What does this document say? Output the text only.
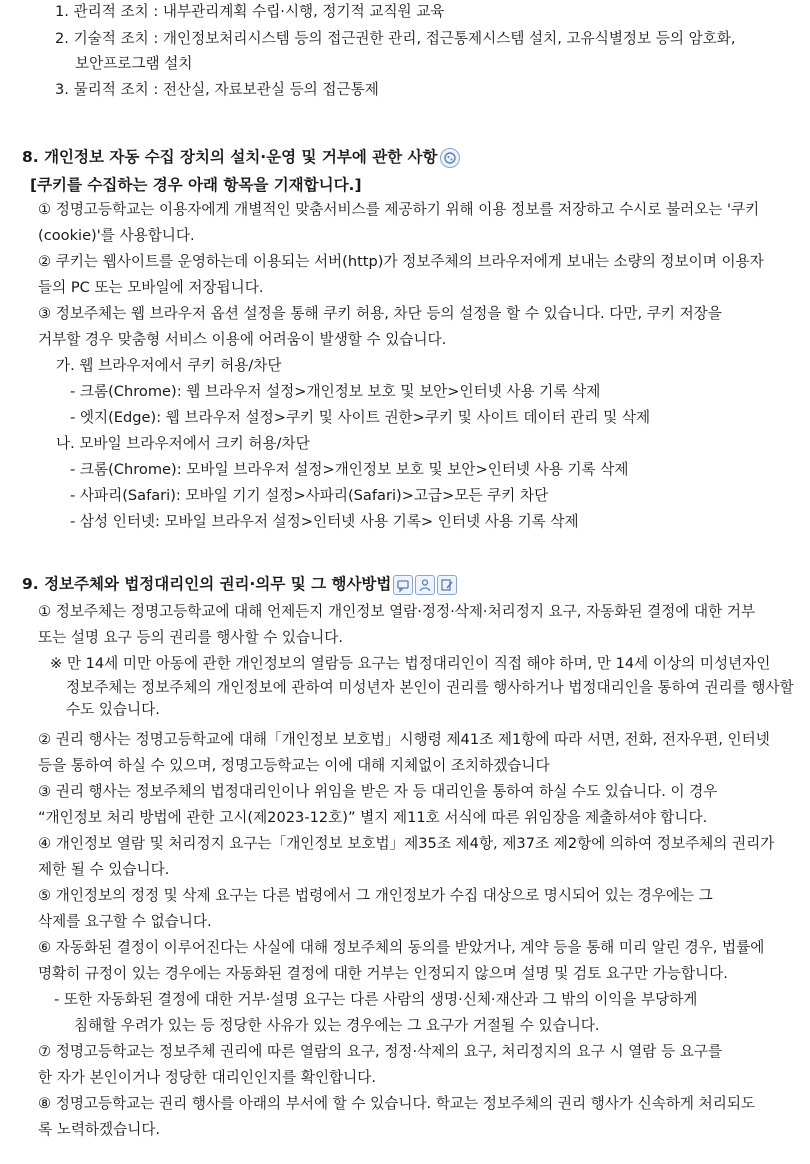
1. 관리적 조치 : 내부관리계획 수립·시행, 정기적 교직원 교육
2. 기술적 조치 : 개인정보처리시스템 등의 접근권한 관리, 접근통제시스템 설치, 고유식별정보 등의 암호화,
보안프로그램 설치
3. 물리적 조치 : 전산실, 자료보관실 등의 접근통제
[쿠키를 수집하는 경우 아래 항목을 기재합니다.]
① 정명고등학교는 이용자에게 개별적인 맞춤서비스를 제공하기 위해 이용 정보를 저장하고 수시로 불러오는 '쿠키
(cookie)'를 사용합니다.
② 쿠키는 웹사이트를 운영하는데 이용되는 서버(http)가 정보주체의 브라우저에게 보내는 소량의 정보이며 이용자
들의 PC 또는 모바일에 저장됩니다.
③ 정보주체는 웹 브라우저 옵션 설정을 통해 쿠키 허용, 차단 등의 설정을 할 수 있습니다. 다만, 쿠키 저장을
거부할 경우 맞춤형 서비스 이용에 어려움이 발생할 수 있습니다.
가. 웹 브라우저에서 쿠키 허용/차단
- 크롬(Chrome): 웹 브라우저 설정>개인정보 보호 및 보안>인터넷 사용 기록 삭제
- 엣지(Edge): 웹 브라우저 설정>쿠키 및 사이트 권한>쿠키 및 사이트 데이터 관리 및 삭제
나. 모바일 브라우저에서 크키 허용/차단
- 크롬(Chrome): 모바일 브라우저 설정>개인정보 보호 및 보안>인터넷 사용 기록 삭제
- 사파리(Safari): 모바일 기기 설정>사파리(Safari)>고급>모든 쿠키 차단
- 삼성 인터넷: 모바일 브라우저 설정>인터넷 사용 기록> 인터넷 사용 기록 삭제
① 정보주체는 정명고등학교에 대해 언제든지 개인정보 열람·정정·삭제·처리정지 요구, 자동화된 결정에 대한 거부
또는 설명 요구 등의 권리를 행사할 수 있습니다.
※ 만 14세 미만 아동에 관한 개인정보의 열람등 요구는 법정대리인이 직접 해야 하며, 만 14세 이상의 미성년자인
정보주체는 정보주체의 개인정보에 관하여 미성년자 본인이 권리를 행사하거나 법정대리인을 통하여 권리를 행사할
수도 있습니다.
② 권리 행사는 정명고등학교에 대해「개인정보 보호법」시행령 제41조 제1항에 따라 서면, 전화, 전자우편, 인터넷
등을 통하여 하실 수 있으며, 정명고등학교는 이에 대해 지체없이 조치하겠습니다
③ 권리 행사는 정보주체의 법정대리인이나 위임을 받은 자 등 대리인을 통하여 하실 수도 있습니다. 이 경우
“개인정보 처리 방법에 관한 고시(제2023-12호)” 별지 제11호 서식에 따른 위임장을 제출하셔야 합니다.
④ 개인정보 열람 및 처리정지 요구는「개인정보 보호법」제35조 제4항, 제37조 제2항에 의하여 정보주체의 권리가
제한 될 수 있습니다.
⑤ 개인정보의 정정 및 삭제 요구는 다른 법령에서 그 개인정보가 수집 대상으로 명시되어 있는 경우에는 그
삭제를 요구할 수 없습니다.
⑥ 자동화된 결정이 이루어진다는 사실에 대해 정보주체의 동의를 받았거나, 계약 등을 통해 미리 알린 경우, 법률에
명확히 규정이 있는 경우에는 자동화된 결정에 대한 거부는 인정되지 않으며 설명 및 검토 요구만 가능합니다.
- 또한 자동화된 결정에 대한 거부·설명 요구는 다른 사람의 생명·신체·재산과 그 밖의 이익을 부당하게
침해할 우려가 있는 등 정당한 사유가 있는 경우에는 그 요구가 거절될 수 있습니다.
⑦ 정명고등학교는 정보주체 권리에 따른 열람의 요구, 정정·삭제의 요구, 처리정지의 요구 시 열람 등 요구를
한 자가 본인이거나 정당한 대리인인지를 확인합니다.
⑧ 정명고등학교는 권리 행사를 아래의 부서에 할 수 있습니다. 학교는 정보주체의 권리 행사가 신속하게 처리되도
록 노력하겠습니다.
8. 개인정보 자동 수집 장치의 설치·운영 및 거부에 관한 사항
9. 정보주체와 법정대리인의 권리·의무 및 그 행사방법
